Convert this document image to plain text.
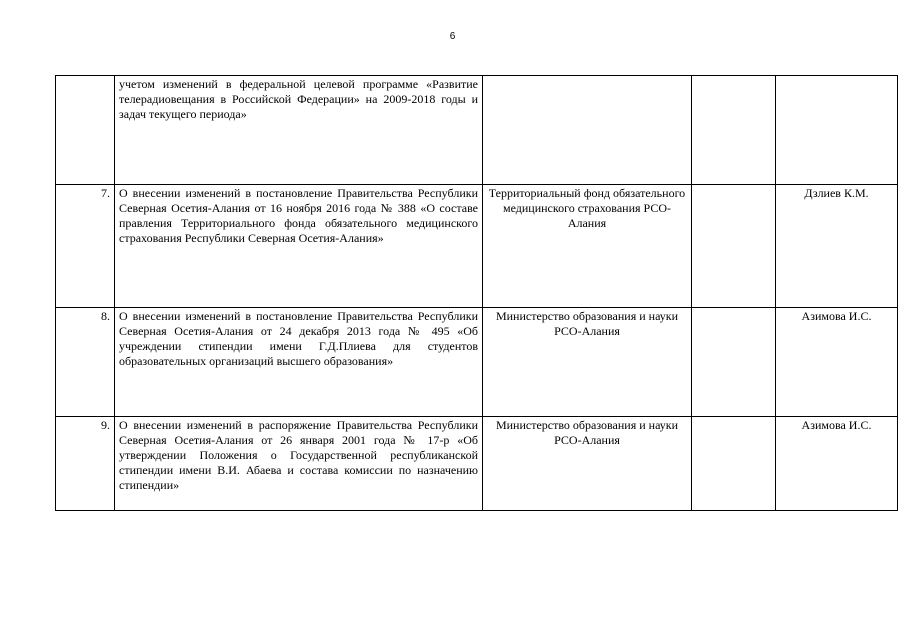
6
	учетом изменений в федеральной целевой программе «Развитие телерадиовещания в Российской Федерации» на 2009-2018 годы и задач текущего периода»			
7.	О внесении изменений в постановление Правительства Республики Северная Осетия-Алания от 16 ноября 2016 года № 388 «О составе правления Территориального фонда обязательного медицинского страхования Республики Северная Осетия-Алания»	Территориальный фонд обязательного медицинского страхования РСО-Алания		Дзлиев К.М.
8.	О внесении изменений в постановление Правительства Республики Северная Осетия-Алания от 24 декабря 2013 года № 495 «Об учреждении стипендии имени Г.Д.Плиева для студентов образовательных организаций высшего образования»	Министерство образования и науки РСО-Алания		Азимова И.С.
9.	О внесении изменений в распоряжение Правительства Республики Северная Осетия-Алания от 26 января 2001 года № 17-р «Об утверждении Положения о Государственной республиканской стипендии имени В.И. Абаева и состава комиссии по назначению стипендии»	Министерство образования и науки РСО-Алания		Азимова И.С.
